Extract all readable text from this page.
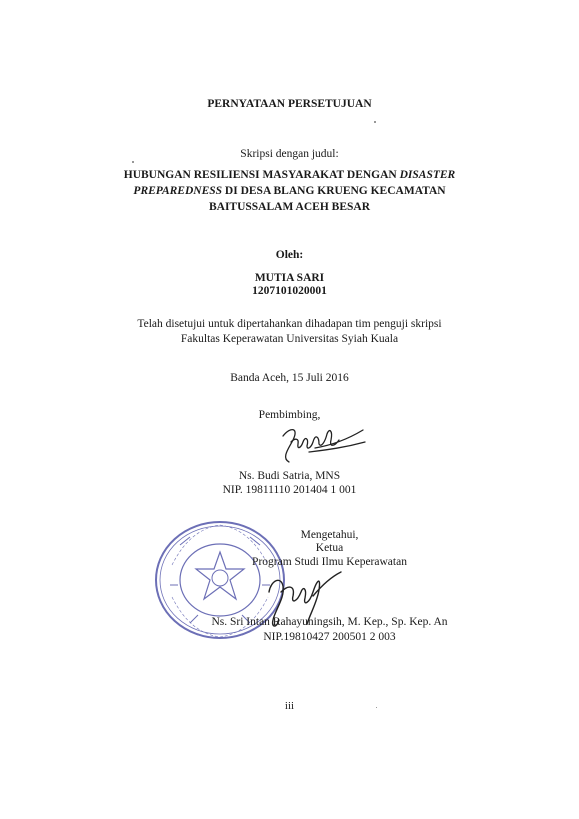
PERNYATAAN PERSETUJUAN
Skripsi dengan judul:
HUBUNGAN RESILIENSI MASYARAKAT DENGAN DISASTER
PREPAREDNESS DI DESA BLANG KRUENG KECAMATAN
BAITUSSALAM ACEH BESAR
Oleh:
MUTIA SARI
1207101020001
Telah disetujui untuk dipertahankan dihadapan tim penguji skripsi
Fakultas Keperawatan Universitas Syiah Kuala
Banda Aceh, 15 Juli 2016
Pembimbing,
Ns. Budi Satria, MNS
NIP. 19811110 201404 1 001
Mengetahui,
Ketua
Program Studi Ilmu Keperawatan
Ns. Sri Intan Rahayuningsih, M. Kep., Sp. Kep. An
NIP.19810427 200501 2 003
iii
